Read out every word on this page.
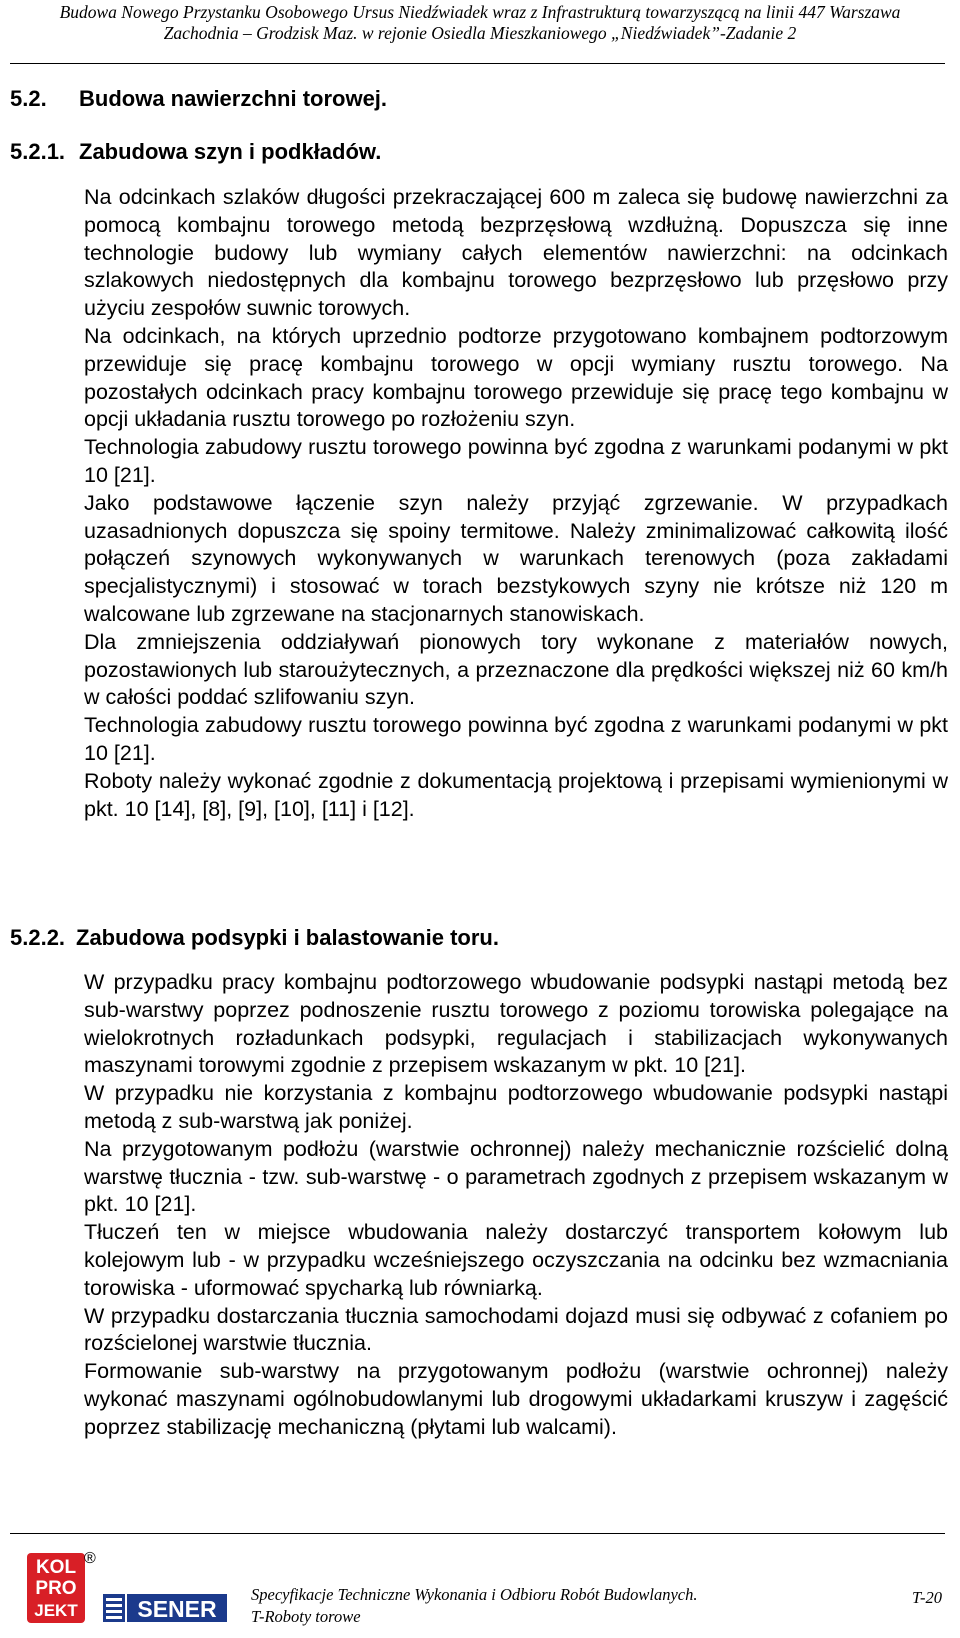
Budowa Nowego Przystanku Osobowego Ursus Niedźwiadek wraz z Infrastrukturą towarzyszącą na linii 447 Warszawa
Zachodnia – Grodzisk Maz. w rejonie Osiedla Mieszkaniowego „Niedźwiadek”-Zadanie 2
5.2. Budowa nawierzchni torowej.
5.2.1. Zabudowa szyn i podkładów.

Na odcinkach szlaków długości przekraczającej 600 m zaleca się budowę nawierzchni za pomocą kombajnu torowego metodą bezprzęsłową wzdłużną. Dopuszcza się inne technologie budowy lub wymiany całych elementów nawierzchni: na odcinkach szlakowych niedostępnych dla kombajnu torowego bezprzęsłowo lub przęsłowo przy użyciu zespołów suwnic torowych.

Na odcinkach, na których uprzednio podtorze przygotowano kombajnem podtorzowym przewiduje się pracę kombajnu torowego w opcji wymiany rusztu torowego. Na pozostałych odcinkach pracy kombajnu torowego przewiduje się pracę tego kombajnu w opcji układania rusztu torowego po rozłożeniu szyn.

Technologia zabudowy rusztu torowego powinna być zgodna z warunkami podanymi w pkt 10 [21].

Jako podstawowe łączenie szyn należy przyjąć zgrzewanie. W przypadkach uzasadnionych dopuszcza się spoiny termitowe. Należy zminimalizować całkowitą ilość połączeń szynowych wykonywanych w warunkach terenowych (poza zakładami specjalistycznymi) i stosować w torach bezstykowych szyny nie krótsze niż 120 m walcowane lub zgrzewane na stacjonarnych stanowiskach.

Dla zmniejszenia oddziaływań pionowych tory wykonane z materiałów nowych, pozostawionych lub staroużytecznych, a przeznaczone dla prędkości większej niż 60 km/h w całości poddać szlifowaniu szyn.

Technologia zabudowy rusztu torowego powinna być zgodna z warunkami podanymi w pkt 10 [21].

Roboty należy wykonać zgodnie z dokumentacją projektową i przepisami wymienionymi w pkt. 10 [14], [8], [9], [10], [11] i [12].

5.2.2. Zabudowa podsypki i balastowanie toru.

W przypadku pracy kombajnu podtorzowego wbudowanie podsypki nastąpi metodą bez sub-warstwy poprzez podnoszenie rusztu torowego z poziomu torowiska polegające na wielokrotnych rozładunkach podsypki, regulacjach i stabilizacjach wykonywanych maszynami torowymi zgodnie z przepisem wskazanym w pkt. 10 [21].

W przypadku nie korzystania z kombajnu podtorzowego wbudowanie podsypki nastąpi metodą z sub-warstwą jak poniżej.

Na przygotowanym podłożu (warstwie ochronnej) należy mechanicznie rozścielić dolną warstwę tłucznia - tzw. sub-warstwę - o parametrach zgodnych z przepisem wskazanym w pkt. 10 [21].

Tłuczeń ten w miejsce wbudowania należy dostarczyć transportem kołowym lub kolejowym lub - w przypadku wcześniejszego oczyszczania na odcinku bez wzmacniania torowiska - uformować spycharką lub równiarką.

W przypadku dostarczania tłucznia samochodami dojazd musi się odbywać z cofaniem po rozścielonej warstwie tłucznia.

Formowanie sub-warstwy na przygotowanym podłożu (warstwie ochronnej) należy wykonać maszynami ogólnobudowlanymi lub drogowymi układarkami kruszyw i zagęścić poprzez stabilizację mechaniczną (płytami lub walcami).

KOL
PRO
JEKT
®
SENER
Specyfikacje Techniczne Wykonania i Odbioru Robót Budowlanych.
T-Roboty torowe
T-20
